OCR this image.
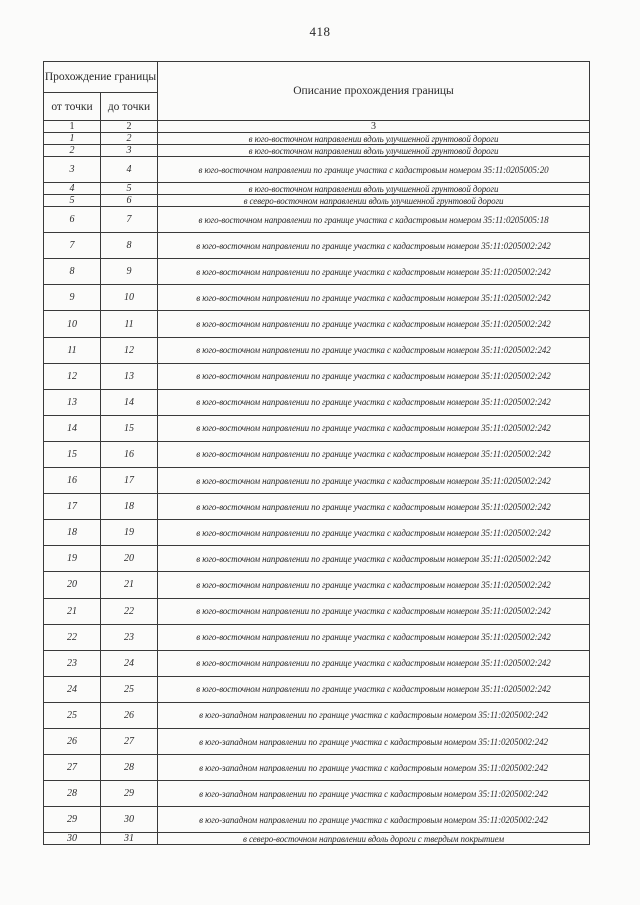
418
Прохождение границы		Описание прохождения границы
от точки	до точки	
1	2	3
1	2	в юго-восточном направлении вдоль улучшенной грунтовой дороги
2	3	в юго-восточном направлении вдоль улучшенной грунтовой дороги
3	4	в юго-восточном направлении по границе участка с кадастровым номером 35:11:0205005:20
4	5	в юго-восточном направлении вдоль улучшенной грунтовой дороги
5	6	в северо-восточном направлении вдоль улучшенной грунтовой дороги
6	7	в юго-восточном направлении по границе участка с кадастровым номером 35:11:0205005:18
7	8	в юго-восточном направлении по границе участка с кадастровым номером 35:11:0205002:242
8	9	в юго-восточном направлении по границе участка с кадастровым номером 35:11:0205002:242
9	10	в юго-восточном направлении по границе участка с кадастровым номером 35:11:0205002:242
10	11	в юго-восточном направлении по границе участка с кадастровым номером 35:11:0205002:242
11	12	в юго-восточном направлении по границе участка с кадастровым номером 35:11:0205002:242
12	13	в юго-восточном направлении по границе участка с кадастровым номером 35:11:0205002:242
13	14	в юго-восточном направлении по границе участка с кадастровым номером 35:11:0205002:242
14	15	в юго-восточном направлении по границе участка с кадастровым номером 35:11:0205002:242
15	16	в юго-восточном направлении по границе участка с кадастровым номером 35:11:0205002:242
16	17	в юго-восточном направлении по границе участка с кадастровым номером 35:11:0205002:242
17	18	в юго-восточном направлении по границе участка с кадастровым номером 35:11:0205002:242
18	19	в юго-восточном направлении по границе участка с кадастровым номером 35:11:0205002:242
19	20	в юго-восточном направлении по границе участка с кадастровым номером 35:11:0205002:242
20	21	в юго-восточном направлении по границе участка с кадастровым номером 35:11:0205002:242
21	22	в юго-восточном направлении по границе участка с кадастровым номером 35:11:0205002:242
22	23	в юго-восточном направлении по границе участка с кадастровым номером 35:11:0205002:242
23	24	в юго-восточном направлении по границе участка с кадастровым номером 35:11:0205002:242
24	25	в юго-восточном направлении по границе участка с кадастровым номером 35:11:0205002:242
25	26	в юго-западном направлении по границе участка с кадастровым номером 35:11:0205002:242
26	27	в юго-западном направлении по границе участка с кадастровым номером 35:11:0205002:242
27	28	в юго-западном направлении по границе участка с кадастровым номером 35:11:0205002:242
28	29	в юго-западном направлении по границе участка с кадастровым номером 35:11:0205002:242
29	30	в юго-западном направлении по границе участка с кадастровым номером 35:11:0205002:242
30	31	в северо-восточном направлении вдоль дороги с твердым покрытием
